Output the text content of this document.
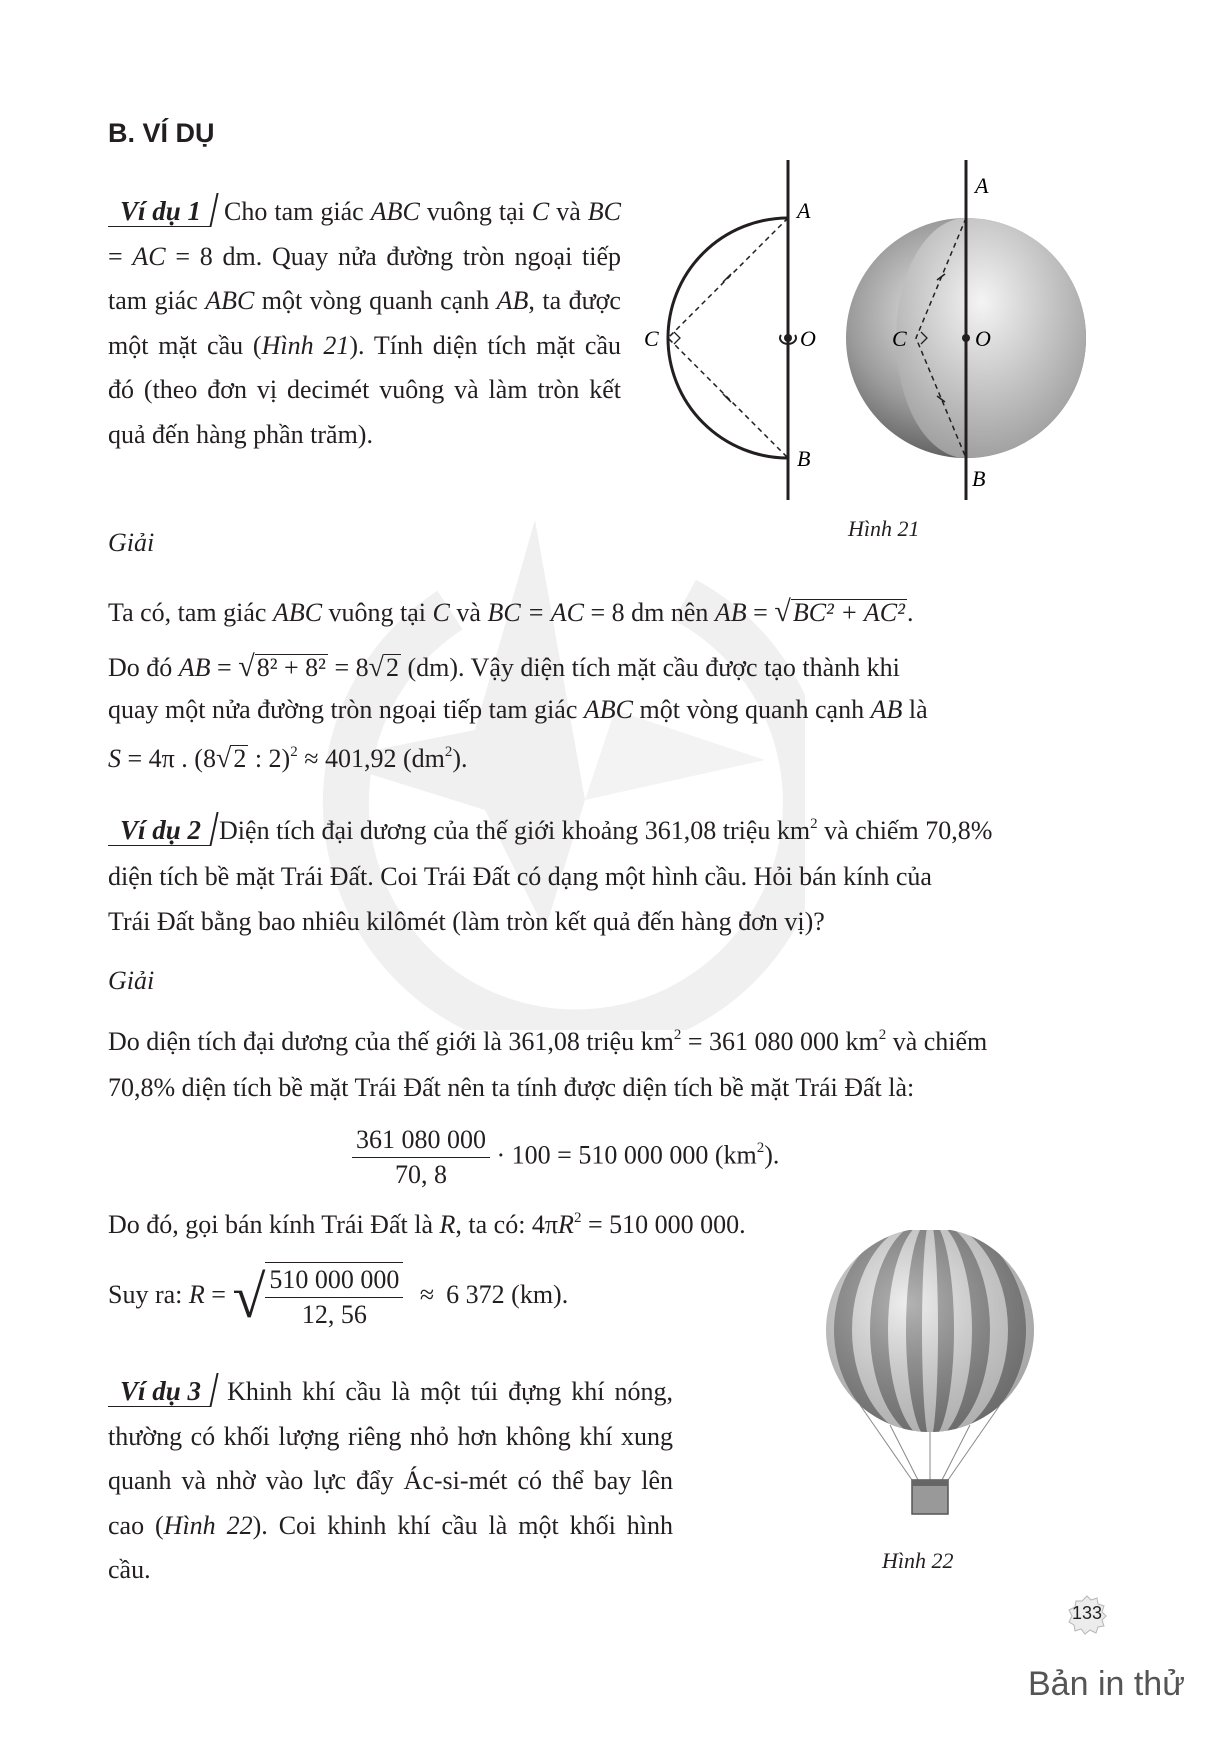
B. VÍ DỤ
Ví dụ 1 Cho tam giác ABC vuông tại C và BC = AC = 8 dm. Quay nửa đường tròn ngoại tiếp tam giác ABC một vòng quanh cạnh AB, ta được một mặt cầu (Hình 21). Tính diện tích mặt cầu đó (theo đơn vị decimét vuông và làm tròn kết quả đến hàng phần trăm).
A
B
C	O
A
B
C	O
Hình 21
Giải
Ta có, tam giác ABC vuông tại C và BC = AC = 8 dm nên AB = √BC² + AC².
Do đó AB = √8² + 8² = 8√2 (dm). Vậy diện tích mặt cầu được tạo thành khi
quay một nửa đường tròn ngoại tiếp tam giác ABC một vòng quanh cạnh AB là
S = 4π . (8√2 : 2)$^2$ ≈ 401,92 $(dm^2)$.
Ví dụ 2 Diện tích đại dương của thế giới khoảng 361,08 triệu $km^2$ và chiếm 70,8%
diện tích bề mặt Trái Đất. Coi Trái Đất có dạng một hình cầu. Hỏi bán kính của
Trái Đất bằng bao nhiêu kilômét (làm tròn kết quả đến hàng đơn vị)?
Giải
Do diện tích đại dương của thế giới là 361,08 triệu $km^2 = 361$ 080 000 $km^2$ và chiếm
70,8% diện tích bề mặt Trái Đất nên ta tính được diện tích bề mặt Trái Đất là:
$\frac{361 080 000}{70, 8} \cdot 100 = 510$ 000 000 $(km^2)$.
Do đó, gọi bán kính Trái Đất là R, ta có: $4\pi R^2 = 510$ 000 000.
Suy ra: R = √ $\frac{510 000 000}{12, 56} \approx 6$ 372 (km).
Ví dụ 3 Khinh khí cầu là một túi đựng khí nóng, thường có khối lượng riêng nhỏ hơn không khí xung quanh và nhờ vào lực đẩy Ác-si-mét có thể bay lên cao (Hình 22). Coi khinh khí cầu là một khối hình cầu.	Hình 22
133
Bản in thử
